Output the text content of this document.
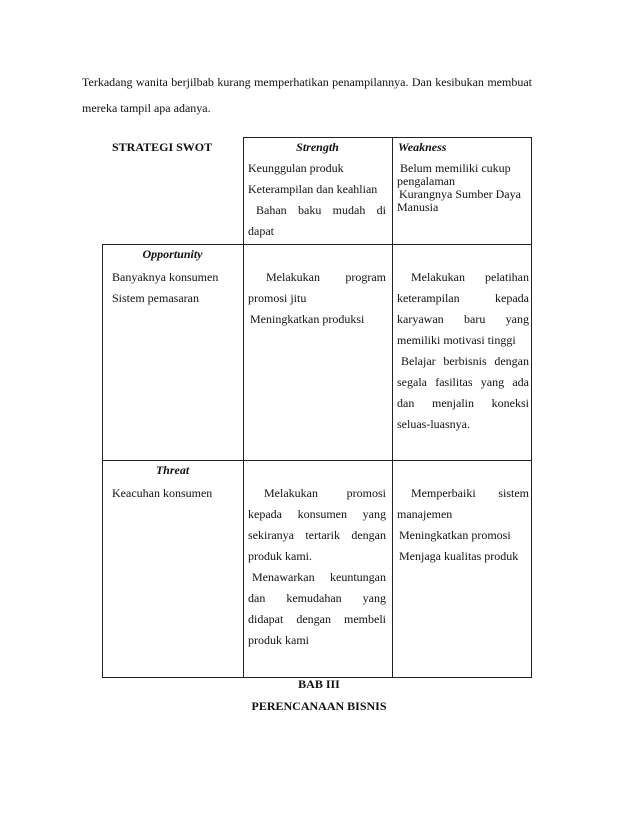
Terkadang wanita berjilbab kurang memperhatikan penampilannya. Dan kesibukan membuat
mereka tampil apa adanya.
STRATEGI SWOT	Strength
Keunggulan produk
Keterampilan dan keahlian
Bahan baku mudah di
dapat
Weakness
Belum memiliki cukup
pengalaman
Kurangnya Sumber Daya
Manusia
Opportunity
Banyaknya konsumen
Sistem pemasaran
Melakukan program
promosi jitu
Meningkatkan produksi
Melakukan pelatihan
keterampilan kepada
karyawan baru yang
memiliki motivasi tinggi
Belajar berbisnis dengan
segala fasilitas yang ada
dan menjalin koneksi
seluas-luasnya.
Threat
Keacuhan konsumen	Melakukan promosi
kepada konsumen yang
sekiranya tertarik dengan
produk kami.
Menawarkan keuntungan
dan kemudahan yang
didapat dengan membeli
produk kami
Memperbaiki sistem
manajemen
Meningkatkan promosi
Menjaga kualitas produk
BAB III
PERENCANAAN BISNIS
